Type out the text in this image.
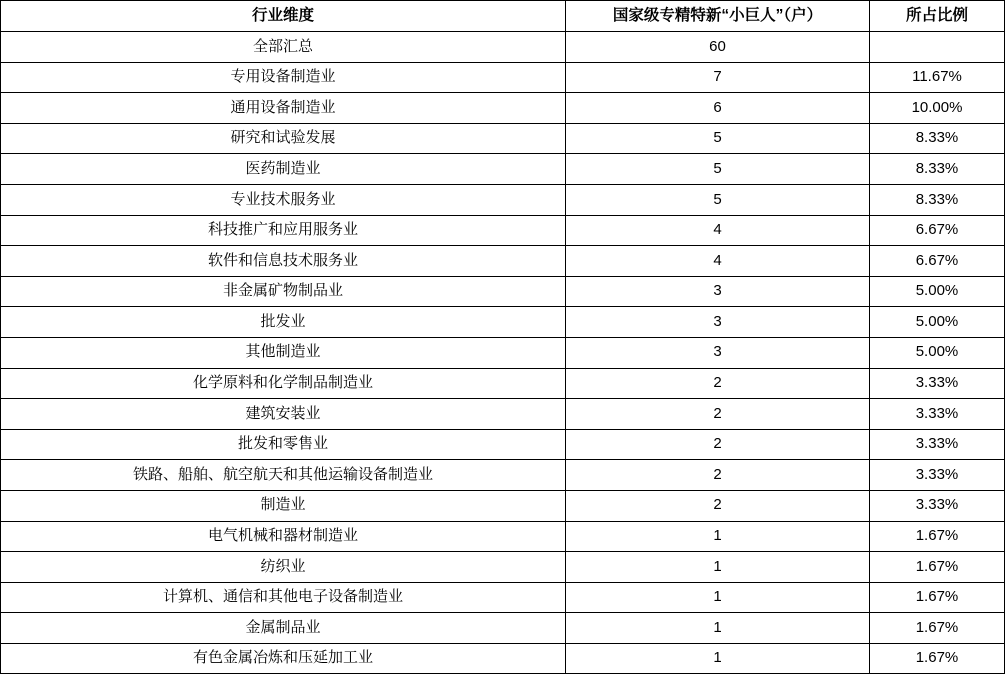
行业维度	国家级专精特新“小巨人”（户）	所占比例
全部汇总	60	
专用设备制造业	7	11.67%
通用设备制造业	6	10.00%
研究和试验发展	5	8.33%
医药制造业	5	8.33%
专业技术服务业	5	8.33%
科技推广和应用服务业	4	6.67%
软件和信息技术服务业	4	6.67%
非金属矿物制品业	3	5.00%
批发业	3	5.00%
其他制造业	3	5.00%
化学原料和化学制品制造业	2	3.33%
建筑安装业	2	3.33%
批发和零售业	2	3.33%
铁路、船舶、航空航天和其他运输设备制造业	2	3.33%
制造业	2	3.33%
电气机械和器材制造业	1	1.67%
纺织业	1	1.67%
计算机、通信和其他电子设备制造业	1	1.67%
金属制品业	1	1.67%
有色金属冶炼和压延加工业	1	1.67%
